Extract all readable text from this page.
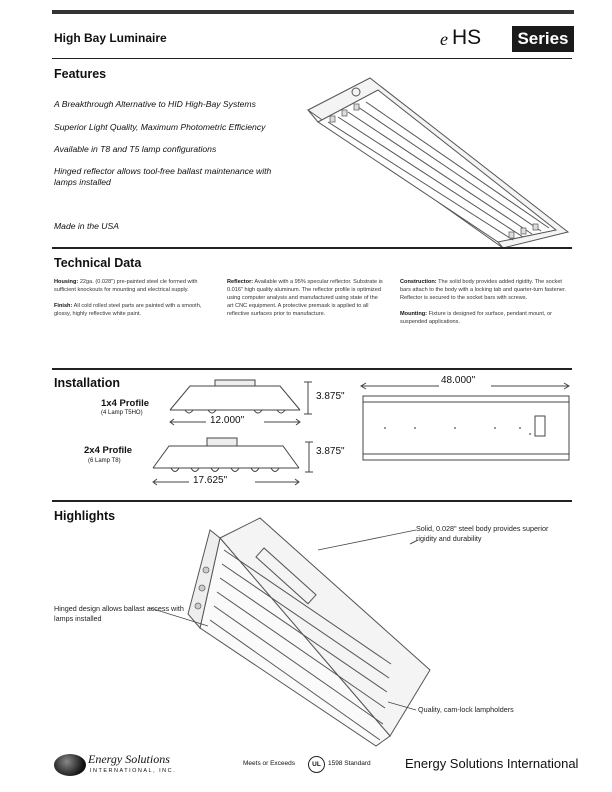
High Bay Luminaire	e HS	Series
Features
A Breakthrough Alternative to HID High-Bay Systems
Superior Light Quality, Maximum Photometric Efficiency
Available in T8 and T5 lamp configurations
Hinged reflector allows tool-free ballast maintenance with lamps installed
Made in the USA
Technical Data

Housing: 22ga. (0.028") pre-painted steel cle formed with sufficient knockouts for mounting and electrical supply.

Finish: All cold rolled steel parts are painted with a smooth, glossy, highly reflective white paint.

Reflector: Available with a 95% specular reflector. Substrate is 0.016" high quality aluminum. The reflector profile is optimized using computer analysis and manufactured using state of the art CNC equipment. A protective premask is applied to all reflective surfaces prior to manufacture.

Construction: The solid body provides added rigidity. The socket bars attach to the body with a locking tab and quarter-turn fastener. Reflector is secured to the socket bars with screws.

Mounting: Fixture is designed for surface, pendant mount, or suspended applications.

Installation
1x4 Profile
(4 Lamp T5HO)
3.875"
12.000"
2x4 Profile
(6 Lamp T8)
3.875"
17.625"
48.000"
Highlights
Solid, 0.028" steel body provides superior rigidity and durability
Hinged design allows ballast access with lamps installed
Quality, cam-lock lampholders
Energy Solutions
INTERNATIONAL, INC.
Meets or Exceeds	UL	1598 Standard	Energy Solutions International
